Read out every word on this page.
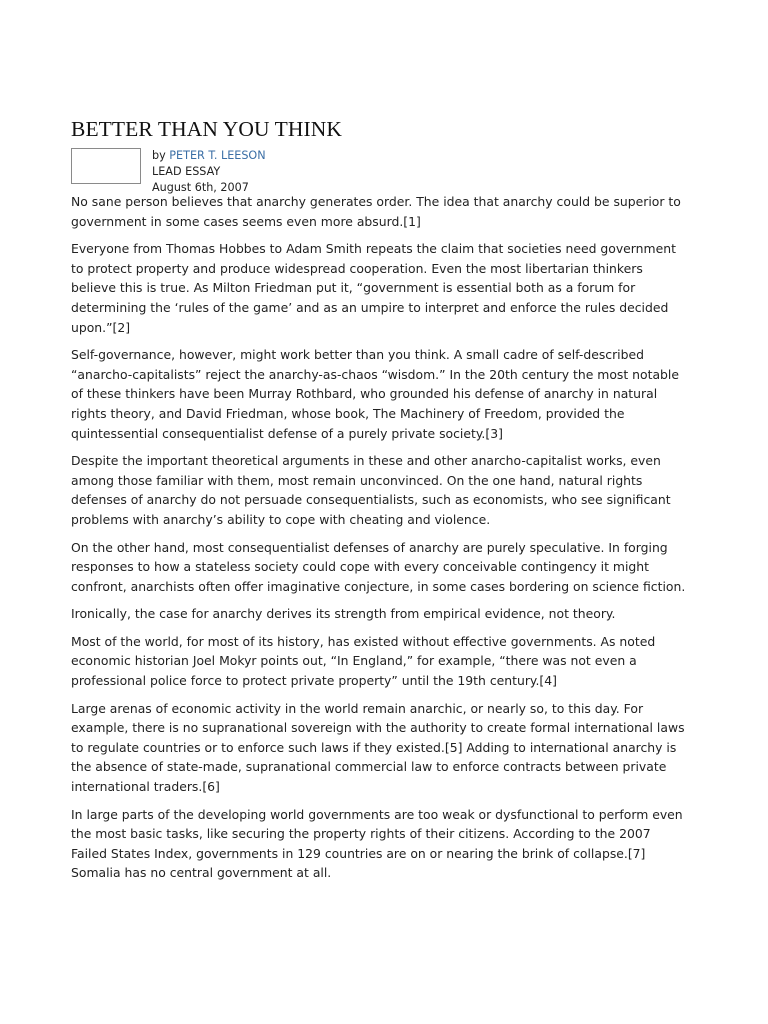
BETTER THAN YOU THINK
by PETER T. LEESON
LEAD ESSAY
August 6th, 2007

No sane person believes that anarchy generates order. The idea that anarchy could be superior to government in some cases seems even more absurd.[1]

Everyone from Thomas Hobbes to Adam Smith repeats the claim that societies need government to protect property and produce widespread cooperation. Even the most libertarian thinkers believe this is true. As Milton Friedman put it, “government is essential both as a forum for determining the ‘rules of the game’ and as an umpire to interpret and enforce the rules decided upon.”[2]

Self-governance, however, might work better than you think. A small cadre of self-described “anarcho-capitalists” reject the anarchy-as-chaos “wisdom.” In the 20th century the most notable of these thinkers have been Murray Rothbard, who grounded his defense of anarchy in natural rights theory, and David Friedman, whose book, The Machinery of Freedom, provided the quintessential consequentialist defense of a purely private society.[3]

Despite the important theoretical arguments in these and other anarcho-capitalist works, even among those familiar with them, most remain unconvinced. On the one hand, natural rights defenses of anarchy do not persuade consequentialists, such as economists, who see significant problems with anarchy’s ability to cope with cheating and violence.

On the other hand, most consequentialist defenses of anarchy are purely speculative. In forging responses to how a stateless society could cope with every conceivable contingency it might confront, anarchists often offer imaginative conjecture, in some cases bordering on science fiction.

Ironically, the case for anarchy derives its strength from empirical evidence, not theory.

Most of the world, for most of its history, has existed without effective governments. As noted economic historian Joel Mokyr points out, “In England,” for example, “there was not even a professional police force to protect private property” until the 19th century.[4]

Large arenas of economic activity in the world remain anarchic, or nearly so, to this day. For example, there is no supranational sovereign with the authority to create formal international laws to regulate countries or to enforce such laws if they existed.[5] Adding to international anarchy is the absence of state-made, supranational commercial law to enforce contracts between private international traders.[6]

In large parts of the developing world governments are too weak or dysfunctional to perform even the most basic tasks, like securing the property rights of their citizens. According to the 2007 Failed States Index, governments in 129 countries are on or nearing the brink of collapse.[7] Somalia has no central government at all.
